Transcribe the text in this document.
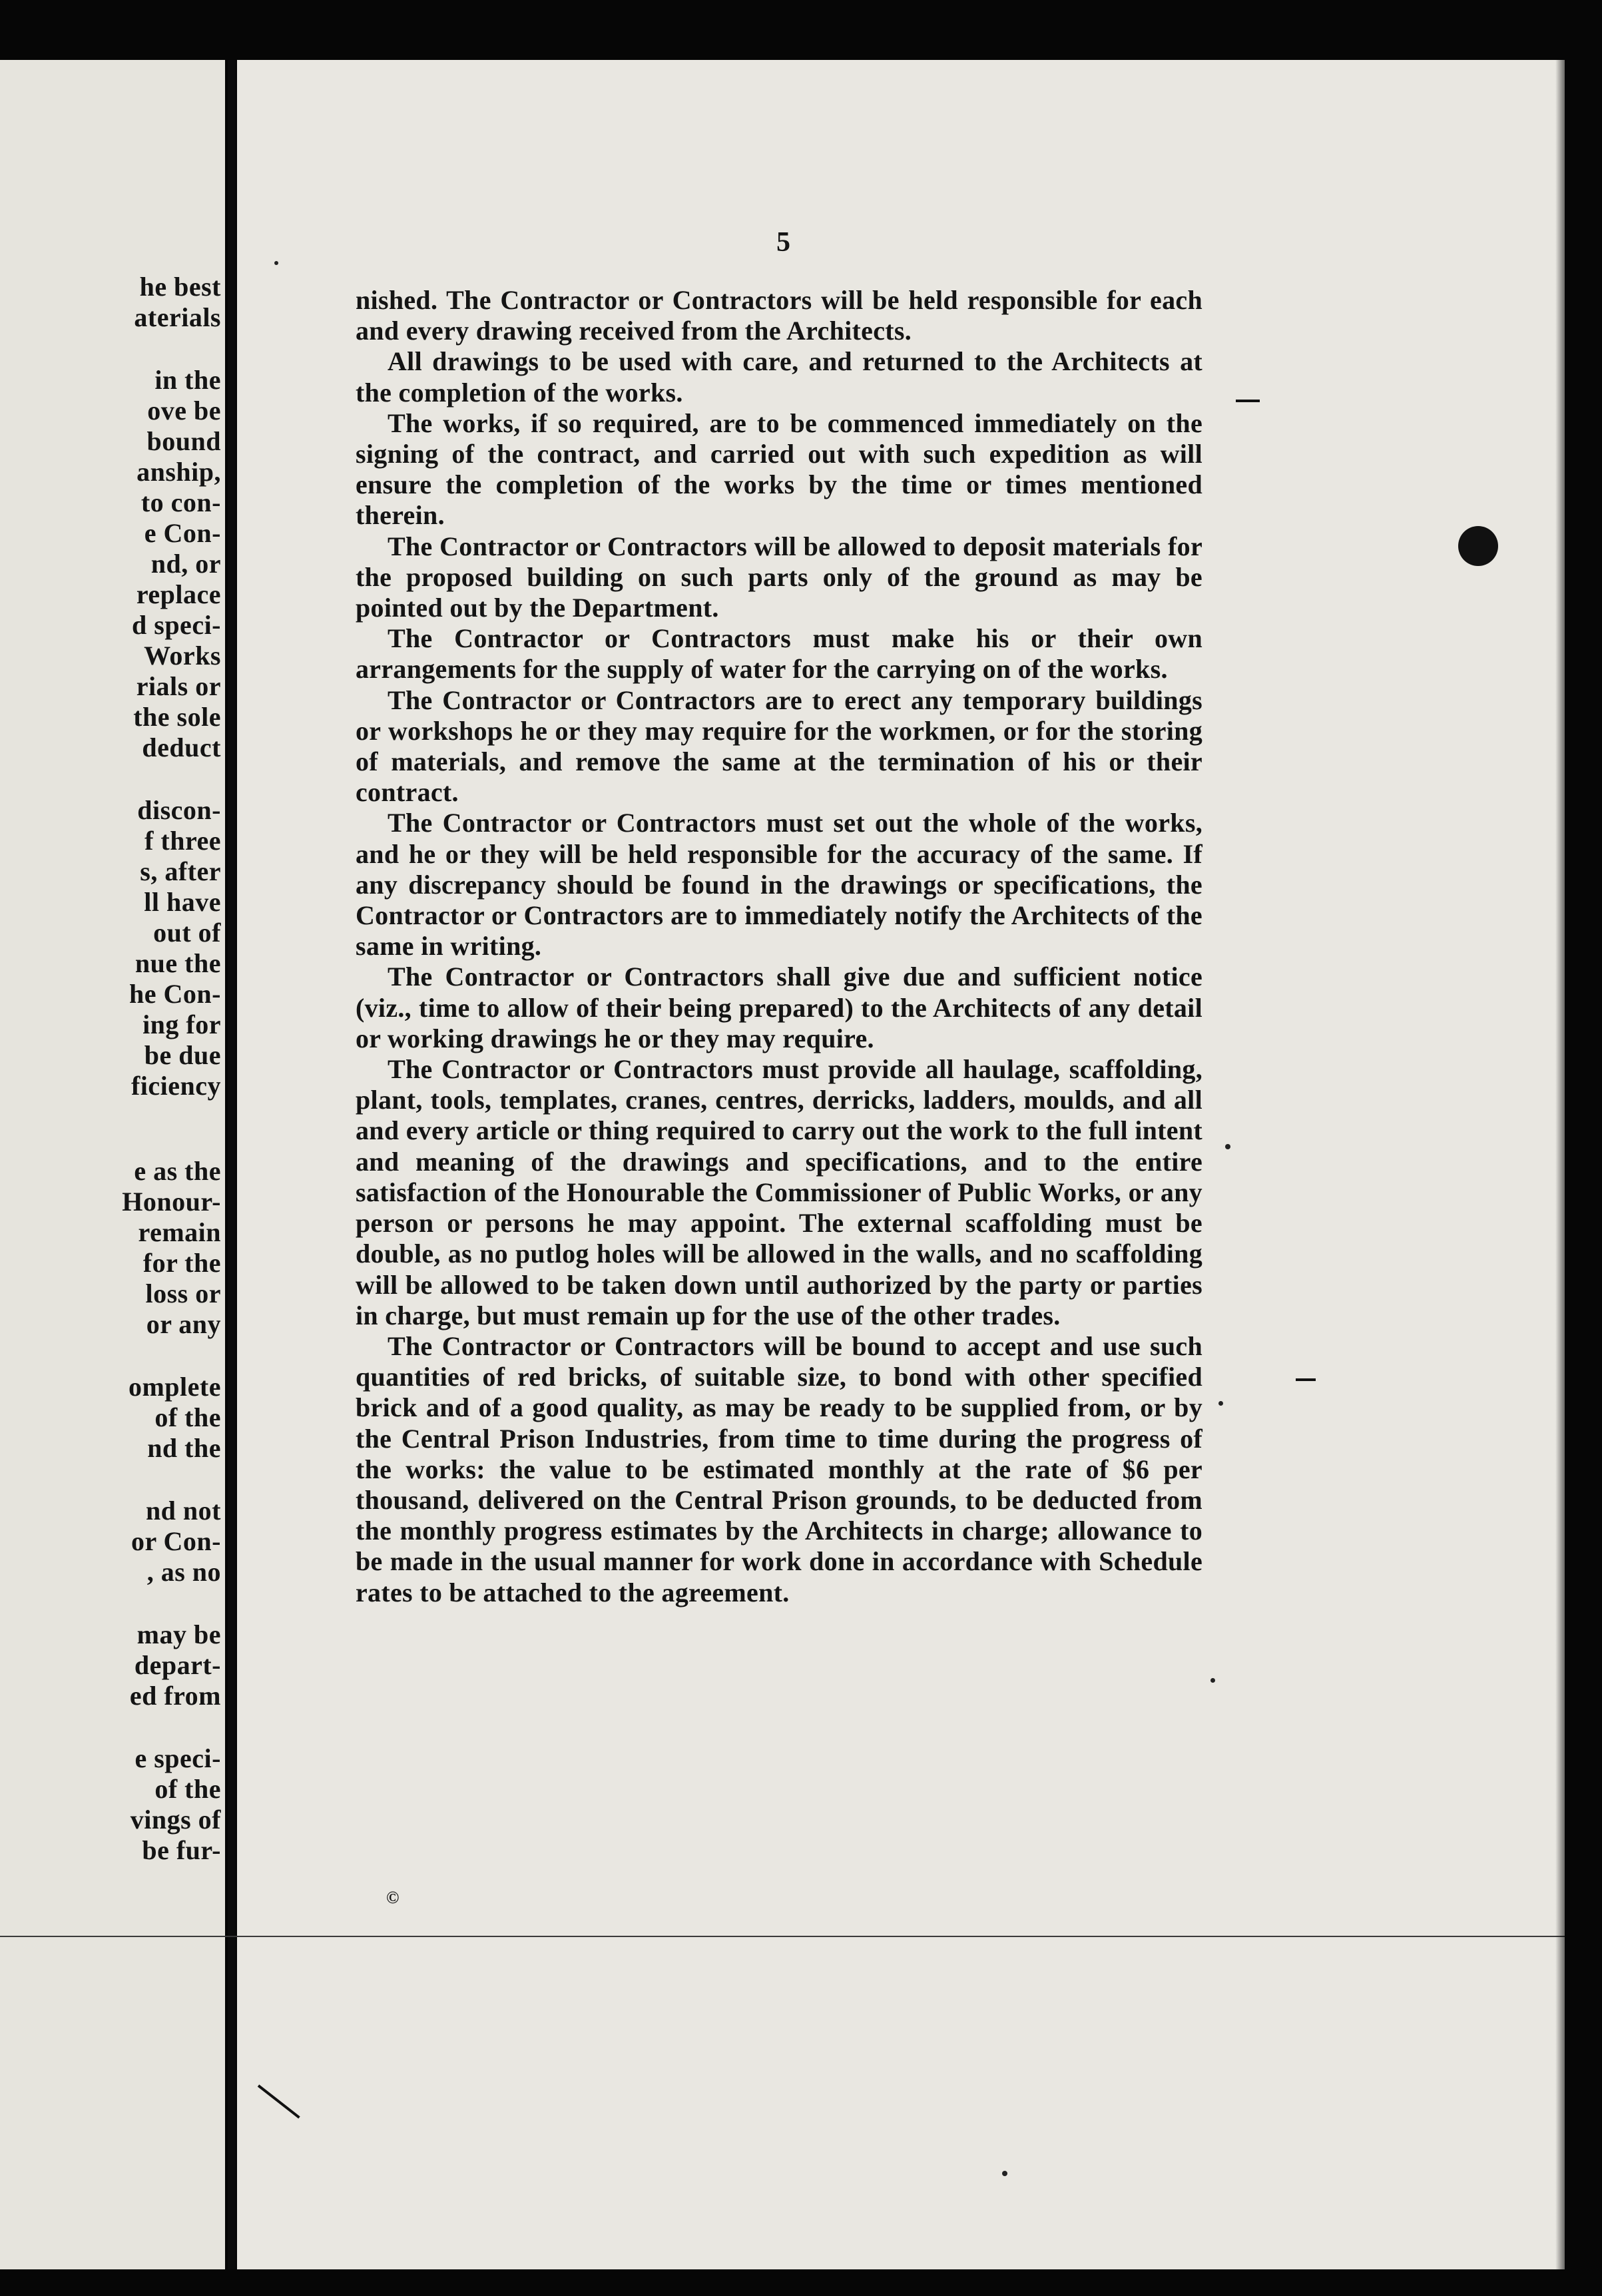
he best
aterials
in the
ove be
bound
anship,
to con-
e Con-
nd, or
replace
d speci-
Works
rials or
the sole
deduct
discon-
f three
s, after
ll have
out of
nue the
he Con-
ing for
be due
ficiency
e as the
Honour-
remain
for the
loss or
or any
omplete
of the
nd the
nd not
or Con-
, as no
may be
depart-
ed from
e speci-
of the
vings of
be fur-
5

nished. The Contractor or Contractors will be held responsible for each and every drawing received from the Architects.

All drawings to be used with care, and returned to the Architects at the completion of the works.

The works, if so required, are to be commenced immediately on the signing of the contract, and carried out with such expedition as will ensure the completion of the works by the time or times mentioned therein.

The Contractor or Contractors will be allowed to deposit materials for the proposed building on such parts only of the ground as may be pointed out by the Department.

The Contractor or Contractors must make his or their own arrangements for the supply of water for the carrying on of the works.

The Contractor or Contractors are to erect any temporary buildings or workshops he or they may require for the workmen, or for the storing of materials, and remove the same at the termination of his or their contract.

The Contractor or Contractors must set out the whole of the works, and he or they will be held responsible for the accuracy of the same. If any discrepancy should be found in the drawings or specifications, the Contractor or Contractors are to immediately notify the Architects of the same in writing.

The Contractor or Contractors shall give due and sufficient notice (viz., time to allow of their being prepared) to the Architects of any detail or working drawings he or they may require.

The Contractor or Contractors must provide all haulage, scaffolding, plant, tools, templates, cranes, centres, derricks, ladders, moulds, and all and every article or thing required to carry out the work to the full intent and meaning of the drawings and specifications, and to the entire satisfaction of the Honourable the Commissioner of Public Works, or any person or persons he may appoint. The external scaffolding must be double, as no putlog holes will be allowed in the walls, and no scaffolding will be allowed to be taken down until authorized by the party or parties in charge, but must remain up for the use of the other trades.

The Contractor or Contractors will be bound to accept and use such quantities of red bricks, of suitable size, to bond with other specified brick and of a good quality, as may be ready to be supplied from, or by the Central Prison Industries, from time to time during the progress of the works: the value to be estimated monthly at the rate of $6 per thousand, delivered on the Central Prison grounds, to be deducted from the monthly progress estimates by the Architects in charge; allowance to be made in the usual manner for work done in accordance with Schedule rates to be attached to the agreement.

©
